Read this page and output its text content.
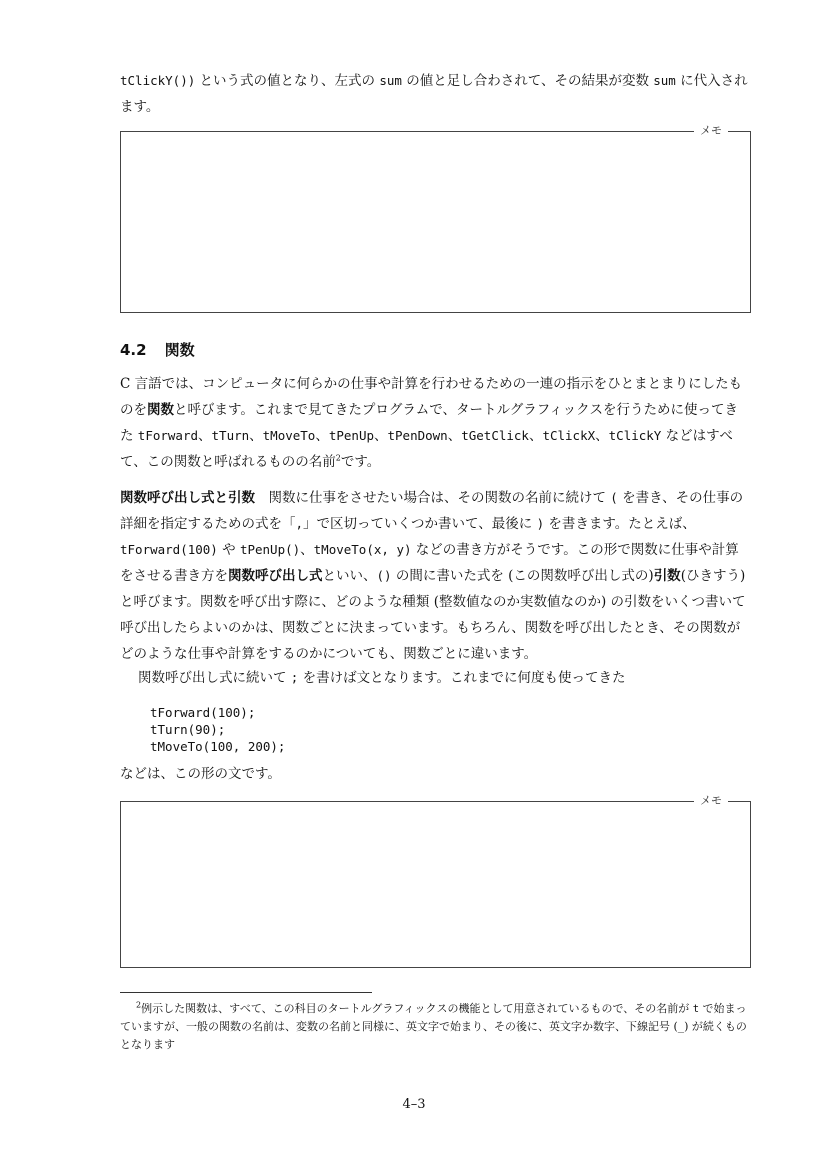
tClickY()) という式の値となり、左式の sum の値と足し合わされて、その結果が変数 sum に代入されます。

メモ
4.2 関数

C 言語では、コンピュータに何らかの仕事や計算を行わせるための一連の指示をひとまとまりにしたものを関数と呼びます。これまで見てきたプログラムで、タートルグラフィックスを行うために使ってきた tForward、tTurn、tMoveTo、tPenUp、tPenDown、tGetClick、tClickX、tClickY などはすべて、この関数と呼ばれるものの名前$^2$です。

関数呼び出し式と引数　関数に仕事をさせたい場合は、その関数の名前に続けて ( を書き、その仕事の詳細を指定するための式を「,」で区切っていくつか書いて、最後に ) を書きます。たとえば、tForward(100) や tPenUp()、tMoveTo(x, y) などの書き方がそうです。この形で関数に仕事や計算をさせる書き方を関数呼び出し式といい、() の間に書いた式を (この関数呼び出し式の)引数(ひきすう) と呼びます。関数を呼び出す際に、どのような種類 (整数値なのか実数値なのか) の引数をいくつ書いて呼び出したらよいのかは、関数ごとに決まっています。もちろん、関数を呼び出したとき、その関数がどのような仕事や計算をするのかについても、関数ごとに違います。

関数呼び出し式に続いて ; を書けば文となります。これまでに何度も使ってきた

tForward(100);
tTurn(90);
tMoveTo(100, 200);

などは、この形の文です。

メモ
$^2$例示した関数は、すべて、この科目のタートルグラフィックスの機能として用意されているもので、その名前が t で始まっていますが、一般の関数の名前は、変数の名前と同様に、英文字で始まり、その後に、英文字か数字、下線記号 (_) が続くものとなります
4–3
